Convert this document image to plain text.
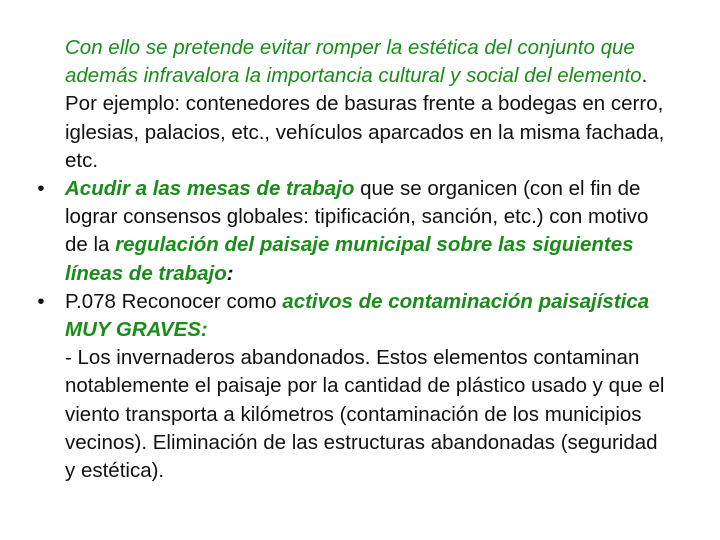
Con ello se pretende evitar romper la estética del conjunto que además infravalora la importancia cultural y social del elemento. Por ejemplo: contenedores de basuras frente a bodegas en cerro, iglesias, palacios, etc., vehículos aparcados en la misma fachada, etc.
• Acudir a las mesas de trabajo que se organicen (con el fin de lograr consensos globales: tipificación, sanción, etc.) con motivo de la regulación del paisaje municipal sobre las siguientes líneas de trabajo:
• P.078 Reconocer como activos de contaminación paisajística MUY GRAVES:
- Los invernaderos abandonados. Estos elementos contaminan notablemente el paisaje por la cantidad de plástico usado y que el viento transporta a kilómetros (contaminación de los municipios vecinos). Eliminación de las estructuras abandonadas (seguridad y estética).
